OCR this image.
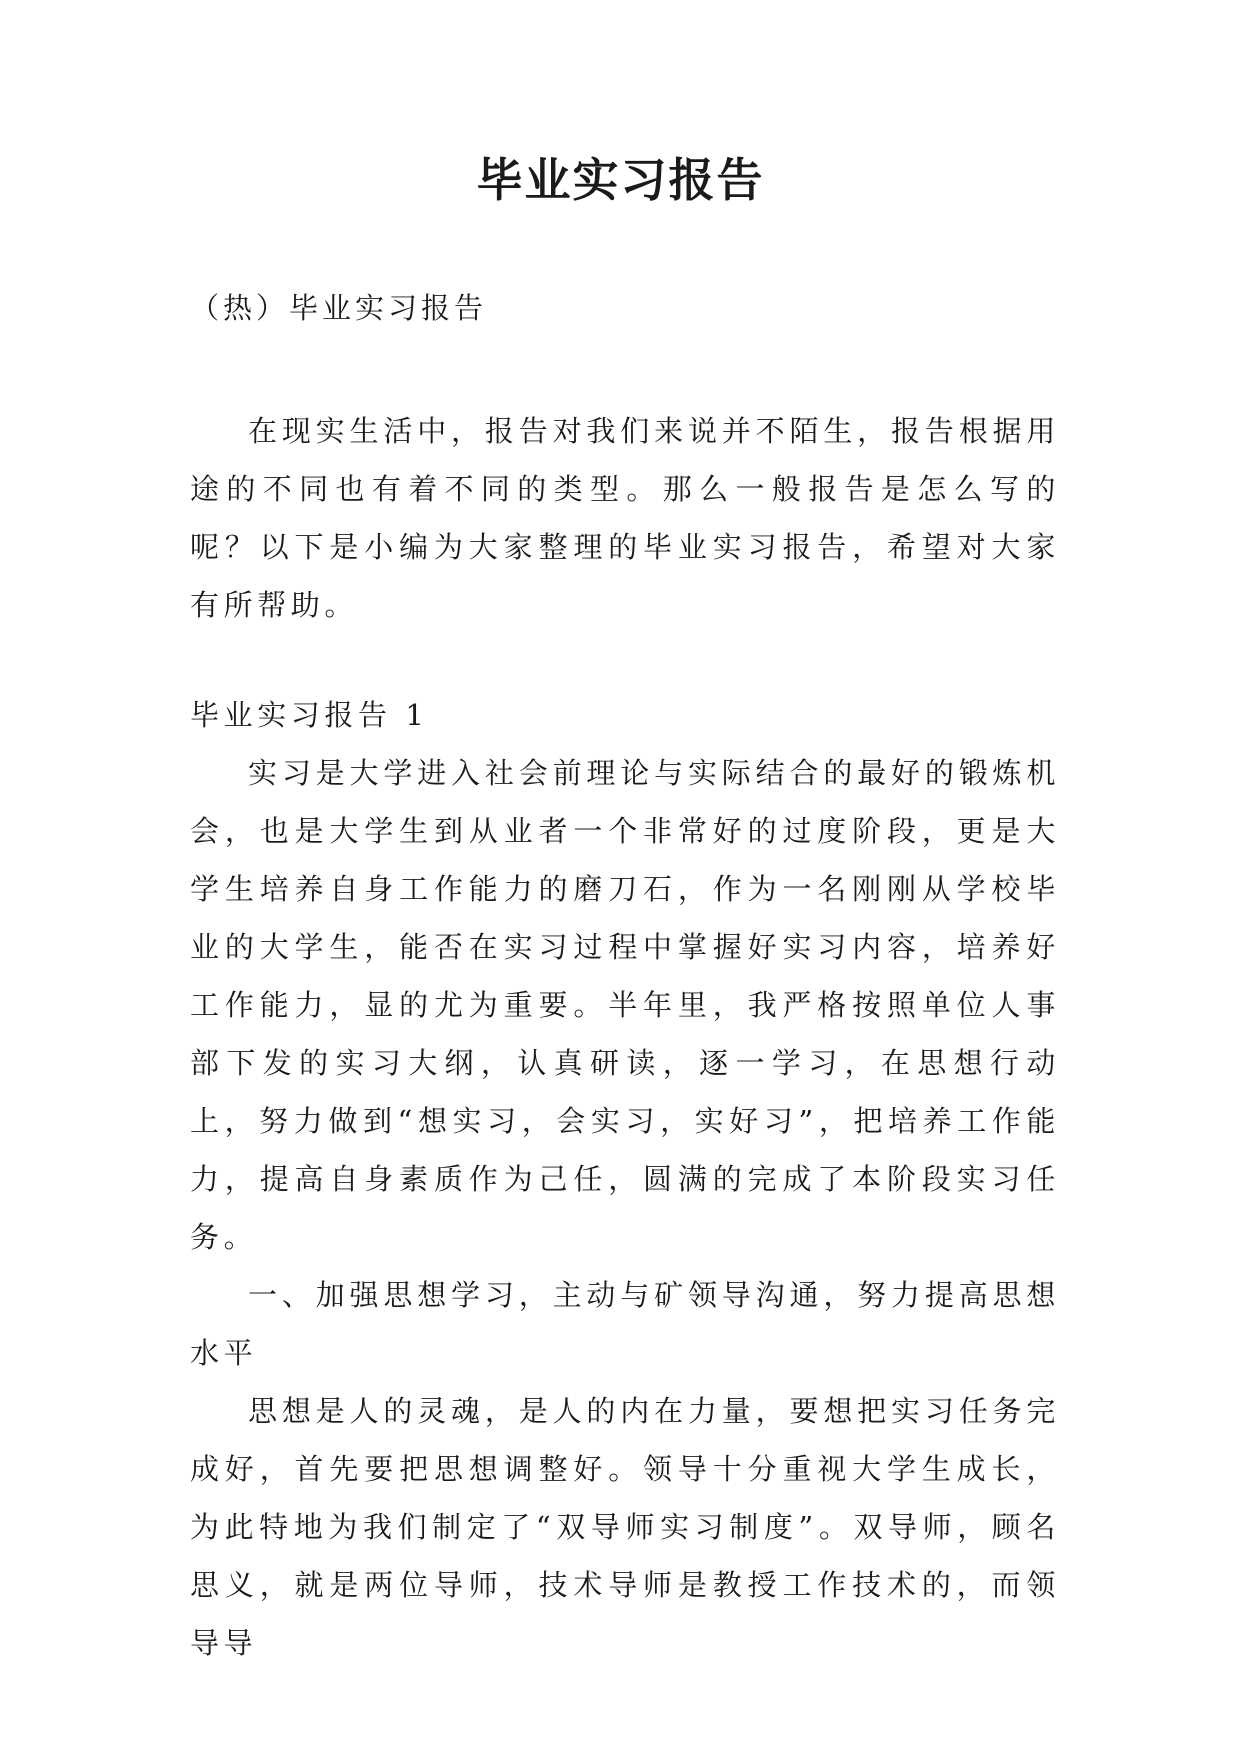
毕业实习报告
（热）毕业实习报告

在现实生活中，报告对我们来说并不陌生，报告根据用途的不同也有着不同的类型。那么一般报告是怎么写的呢？以下是小编为大家整理的毕业实习报告，希望对大家有所帮助。

毕业实习报告 1

实习是大学进入社会前理论与实际结合的最好的锻炼机会，也是大学生到从业者一个非常好的过度阶段，更是大学生培养自身工作能力的磨刀石，作为一名刚刚从学校毕业的大学生，能否在实习过程中掌握好实习内容，培养好工作能力，显的尤为重要。半年里，我严格按照单位人事部下发的实习大纲，认真研读，逐一学习，在思想行动上，努力做到“想实习，会实习，实好习”，把培养工作能力，提高自身素质作为己任，圆满的完成了本阶段实习任务。

一、加强思想学习，主动与矿领导沟通，努力提高思想水平

思想是人的灵魂，是人的内在力量，要想把实习任务完成好，首先要把思想调整好。领导十分重视大学生成长，为此特地为我们制定了“双导师实习制度”。双导师，顾名思义，就是两位导师，技术导师是教授工作技术的，而领导导
